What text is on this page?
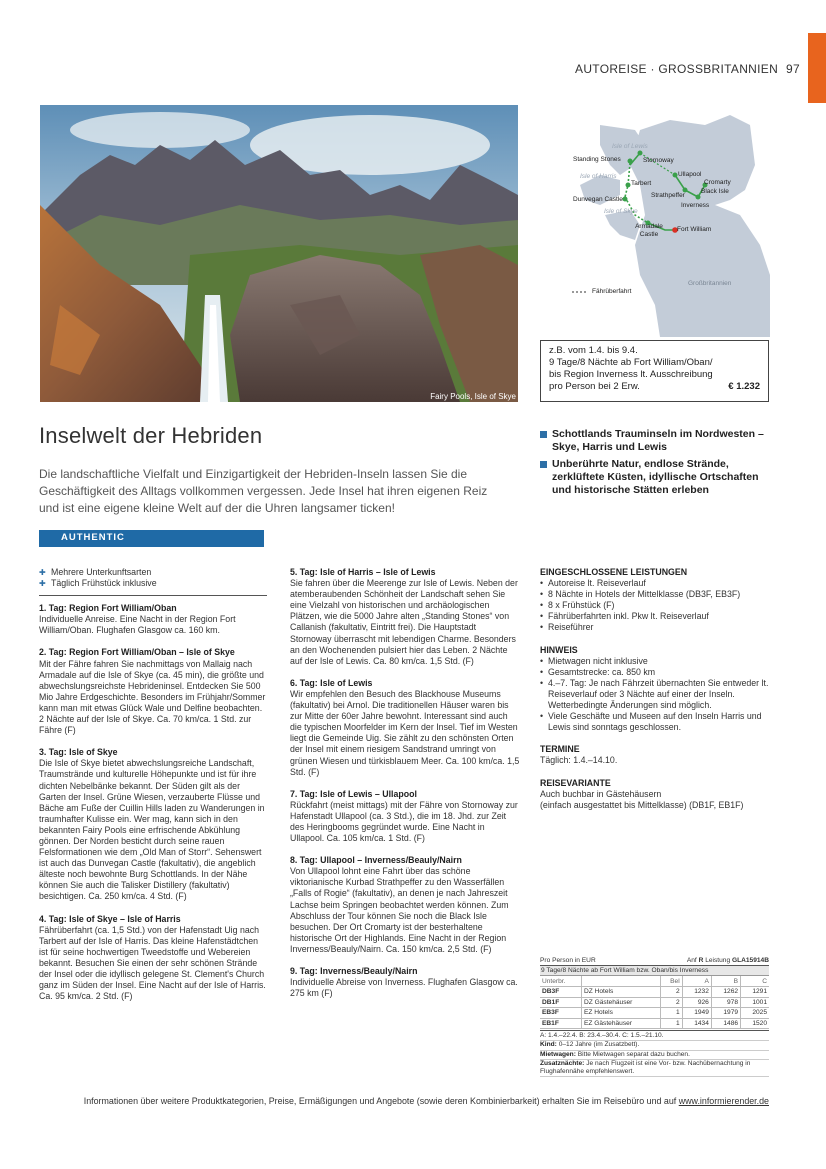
AUTOREISE · GROSSBRITANNIEN 97
Fairy Pools, Isle of Skye
Isle of Lewis
Isle of Harris
Isle of Skye
Standing Stones	Stornoway
Tarbert
Ullapool
Cromarty
Black Isle
Strathpeffer
Dunvegan Castle
Inverness
Armadale
Castle
Fort William
Großbritannien
Fährüberfahrt
z.B. vom 1.4. bis 9.4.
9 Tage/8 Nächte ab Fort William/Oban/
bis Region Inverness lt. Ausschreibung
pro Person bei 2 Erw.	€ 1.232
Inselwelt der Hebriden

Die landschaftliche Vielfalt und Einzigartigkeit der Hebriden-Inseln lassen Sie die Geschäftigkeit des Alltags vollkommen vergessen. Jede Insel hat ihren eigenen Reiz und ist eine eigene kleine Welt auf der die Uhren langsamer ticken!

Schottlands Trauminseln im Nordwesten – Skye, Harris und Lewis
Unberührte Natur, endlose Strände, zerklüftete Küsten, idyllische Ortschaften und historische Stätten erleben
AUTHENTIC
✚ Mehrere Unterkunftsarten
✚ Täglich Frühstück inklusive

1. Tag: Region Fort William/Oban

Individuelle Anreise. Eine Nacht in der Region Fort William/Oban. Flughafen Glasgow ca. 160 km.

2. Tag: Region Fort William/Oban – Isle of Skye

Mit der Fähre fahren Sie nachmittags von Mallaig nach Armadale auf die Isle of Skye (ca. 45 min), die größte und abwechslungsreichste Hebrideninsel. Entdecken Sie 500 Mio Jahre Erdgeschichte. Besonders im Frühjahr/Sommer kann man mit etwas Glück Wale und Delfine beobachten. 2 Nächte auf der Isle of Skye. Ca. 70 km/ca. 1 Std. zur Fähre (F)

3. Tag: Isle of Skye

Die Isle of Skye bietet abwechslungsreiche Landschaft, Traumstrände und kulturelle Höhepunkte und ist für ihre dichten Nebelbänke bekannt. Der Süden gilt als der Garten der Insel. Grüne Wiesen, verzauberte Flüsse und Bäche am Fuße der Cuillin Hills laden zu Wanderungen in traumhafter Kulisse ein. Wer mag, kann sich in den bekannten Fairy Pools eine erfrischende Abkühlung gönnen. Der Norden besticht durch seine rauen Felsformationen wie dem „Old Man of Storr“. Sehenswert ist auch das Dunvegan Castle (fakultativ), die angeblich älteste noch bewohnte Burg Schottlands. In der Nähe können Sie auch die Talisker Distillery (fakultativ) besichtigen. Ca. 250 km/ca. 4 Std. (F)

4. Tag: Isle of Skye – Isle of Harris

Fährüberfahrt (ca. 1,5 Std.) von der Hafenstadt Uig nach Tarbert auf der Isle of Harris. Das kleine Hafenstädtchen ist für seine hochwertigen Tweedstoffe und Webereien bekannt. Besuchen Sie einen der sehr schönen Strände der Insel oder die idyllisch gelegene St. Clement's Church ganz im Süden der Insel. Eine Nacht auf der Isle of Harris. Ca. 95 km/ca. 2 Std. (F)

5. Tag: Isle of Harris – Isle of Lewis

Sie fahren über die Meerenge zur Isle of Lewis. Neben der atemberaubenden Schönheit der Landschaft sehen Sie eine Vielzahl von historischen und archäologischen Plätzen, wie die 5000 Jahre alten „Standing Stones“ von Callanish (fakultativ, Eintritt frei). Die Hauptstadt Stornoway überrascht mit lebendigen Charme. Besonders an den Wochenenden pulsiert hier das Leben. 2 Nächte auf der Isle of Lewis. Ca. 80 km/ca. 1,5 Std. (F)

6. Tag: Isle of Lewis

Wir empfehlen den Besuch des Blackhouse Museums (fakultativ) bei Arnol. Die traditionellen Häuser waren bis zur Mitte der 60er Jahre bewohnt. Interessant sind auch die typischen Moorfelder im Kern der Insel. Tief im Westen liegt die Gemeinde Uig. Sie zählt zu den schönsten Orten der Insel mit einem riesigem Sandstrand umringt von grünen Wiesen und türkisblauem Meer. Ca. 100 km/ca. 1,5 Std. (F)

7. Tag: Isle of Lewis – Ullapool

Rückfahrt (meist mittags) mit der Fähre von Stornoway zur Hafenstadt Ullapool (ca. 3 Std.), die im 18. Jhd. zur Zeit des Heringbooms gegründet wurde. Eine Nacht in Ullapool. Ca. 105 km/ca. 1 Std. (F)

8. Tag: Ullapool – Inverness/Beauly/Nairn

Von Ullapool lohnt eine Fahrt über das schöne viktorianische Kurbad Strathpeffer zu den Wasserfällen „Falls of Rogie“ (fakultativ), an denen je nach Jahreszeit Lachse beim Springen beobachtet werden können. Zum Abschluss der Tour können Sie noch die Black Isle besuchen. Der Ort Cromarty ist der besterhaltene historische Ort der Highlands. Eine Nacht in der Region Inverness/Beauly/Nairn. Ca. 150 km/ca. 2,5 Std. (F)

9. Tag: Inverness/Beauly/Nairn

Individuelle Abreise von Inverness. Flughafen Glasgow ca. 275 km (F)

EINGESCHLOSSENE LEISTUNGEN

• Autoreise lt. Reiseverlauf
• 8 Nächte in Hotels der Mittelklasse (DB3F, EB3F)
• 8 x Frühstück (F)
• Fährüberfahrten inkl. Pkw lt. Reiseverlauf
• Reiseführer

HINWEIS

• Mietwagen nicht inklusive
• Gesamtstrecke: ca. 850 km
• 4.–7. Tag: Je nach Fährzeit übernachten Sie entweder lt. Reiseverlauf oder 3 Nächte auf einer der Inseln. Wetterbedingte Änderungen sind möglich.
• Viele Geschäfte und Museen auf den Inseln Harris und Lewis sind sonntags geschlossen.

TERMINE

Täglich: 1.4.–14.10.

REISEVARIANTE

Auch buchbar in Gästehäusern

(einfach ausgestattet bis Mittelklasse) (DB1F, EB1F)

Pro Person in EUR	Anf R Leistung GLA15914B
9 Tage/8 Nächte ab Fort William bzw. Oban/bis Inverness
Unterbr.		Bel	A	B	C
DB3F	DZ Hotels	2	1232	1262	1291
DB1F	DZ Gästehäuser	2	926	978	1001
EB3F	EZ Hotels	1	1949	1979	2025
EB1F	EZ Gästehäuser	1	1434	1486	1520

A: 1.4.–22.4. B: 23.4.–30.4. C: 1.5.–21.10.

Kind: 0–12 Jahre (im Zusatzbett).

Mietwagen: Bitte Mietwagen separat dazu buchen.

Zusatznächte: Je nach Flugzeit ist eine Vor- bzw. Nachübernachtung in Flughafennähe empfehlenswert.

Informationen über weitere Produktkategorien, Preise, Ermäßigungen und Angebote (sowie deren Kombinierbarkeit) erhalten Sie im Reisebüro und auf www.informierender.de
